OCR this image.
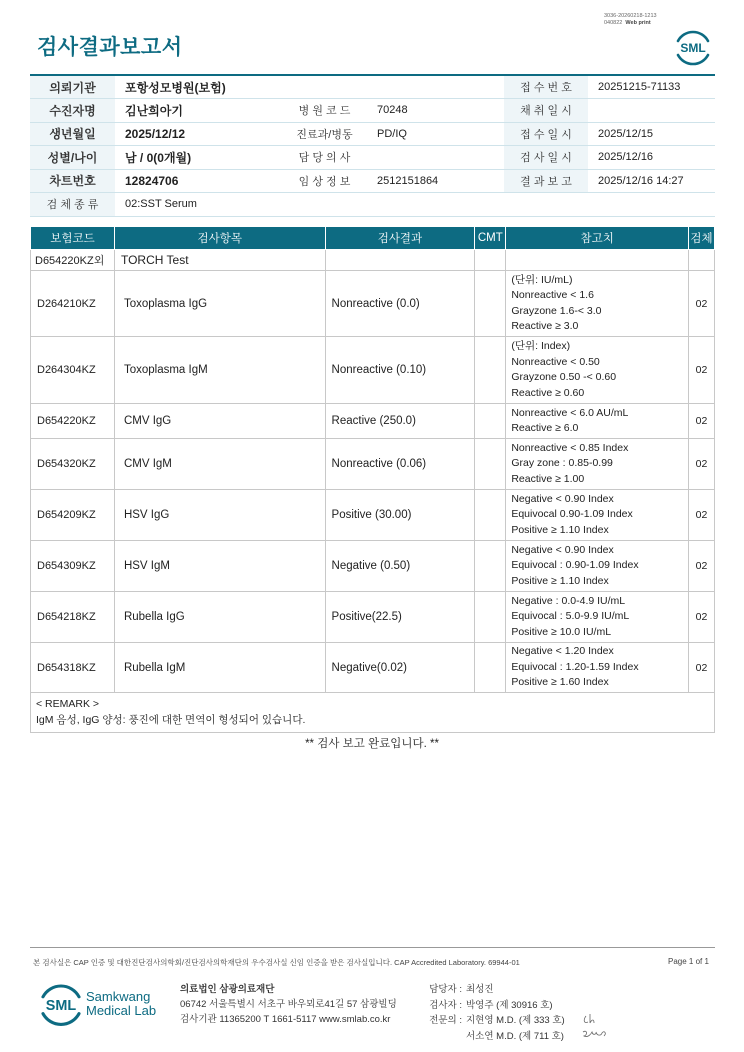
3036-20260218-1213
040822 Web print
검사결과보고서	SML
의뢰기관	포항성모병원(보험)			접 수 번 호	20251215-71133
수진자명	김난희아기	병 원 코 드	70248	채 취 일 시	
생년월일	2025/12/12	진료과/병동	PD/IQ	접 수 일 시	2025/12/15
성별/나이	남 / 0(0개월)	담 당 의 사		검 사 일 시	2025/12/16
차트번호	12824706	임 상 정 보	2512151864	결 과 보 고	2025/12/16 14:27
검 체 종 류	02:SST Serum				
보험코드	검사항목	검사결과	CMT	참고치	검체
D654220KZ외	TORCH Test				
D264210KZ	Toxoplasma IgG	Nonreactive (0.0)		(단위: IU/mL)
Nonreactive < 1.6
Grayzone 1.6-< 3.0
Reactive ≥ 3.0	02
D264304KZ	Toxoplasma IgM	Nonreactive (0.10)		(단위: Index)
Nonreactive < 0.50
Grayzone 0.50 -< 0.60
Reactive ≥ 0.60	02
D654220KZ	CMV IgG	Reactive (250.0)		Nonreactive < 6.0 AU/mL
Reactive ≥ 6.0	02
D654320KZ	CMV IgM	Nonreactive (0.06)		Nonreactive < 0.85 Index
Gray zone : 0.85-0.99
Reactive ≥ 1.00	02
D654209KZ	HSV IgG	Positive (30.00)		Negative < 0.90 Index
Equivocal 0.90-1.09 Index
Positive ≥ 1.10 Index	02
D654309KZ	HSV IgM	Negative (0.50)		Negative < 0.90 Index
Equivocal : 0.90-1.09 Index
Positive ≥ 1.10 Index	02
D654218KZ	Rubella IgG	Positive(22.5)		Negative : 0.0-4.9 IU/mL
Equivocal : 5.0-9.9 IU/mL
Positive ≥ 10.0 IU/mL	02
D654318KZ	Rubella IgM	Negative(0.02)		Negative < 1.20 Index
Equivocal : 1.20-1.59 Index
Positive ≥ 1.60 Index	02

< REMARK >
IgM 음성, IgG 양성: 풍진에 대한 면역이 형성되어 있습니다.					
** 검사 보고 완료입니다. **
본 검사실은 CAP 인증 및 대한진단검사의학회/진단검사의학재단의 우수검사실 신임 인증을 받은 검사실입니다. CAP Accredited Laboratory. 69944-01	Page 1 of 1
SML
Samkwang
Medical Lab
의료법인 삼광의료재단
06742 서울특별시 서초구 바우뫼로41길 57 삼광빌딩
검사기관 11365200 T 1661-5117 www.smlab.co.kr
담당자 : 최성진
검사자 : 박영주 (제 30916 호)
전문의 : 지현영 M.D. (제 333 호)
서소연 M.D. (제 711 호)
